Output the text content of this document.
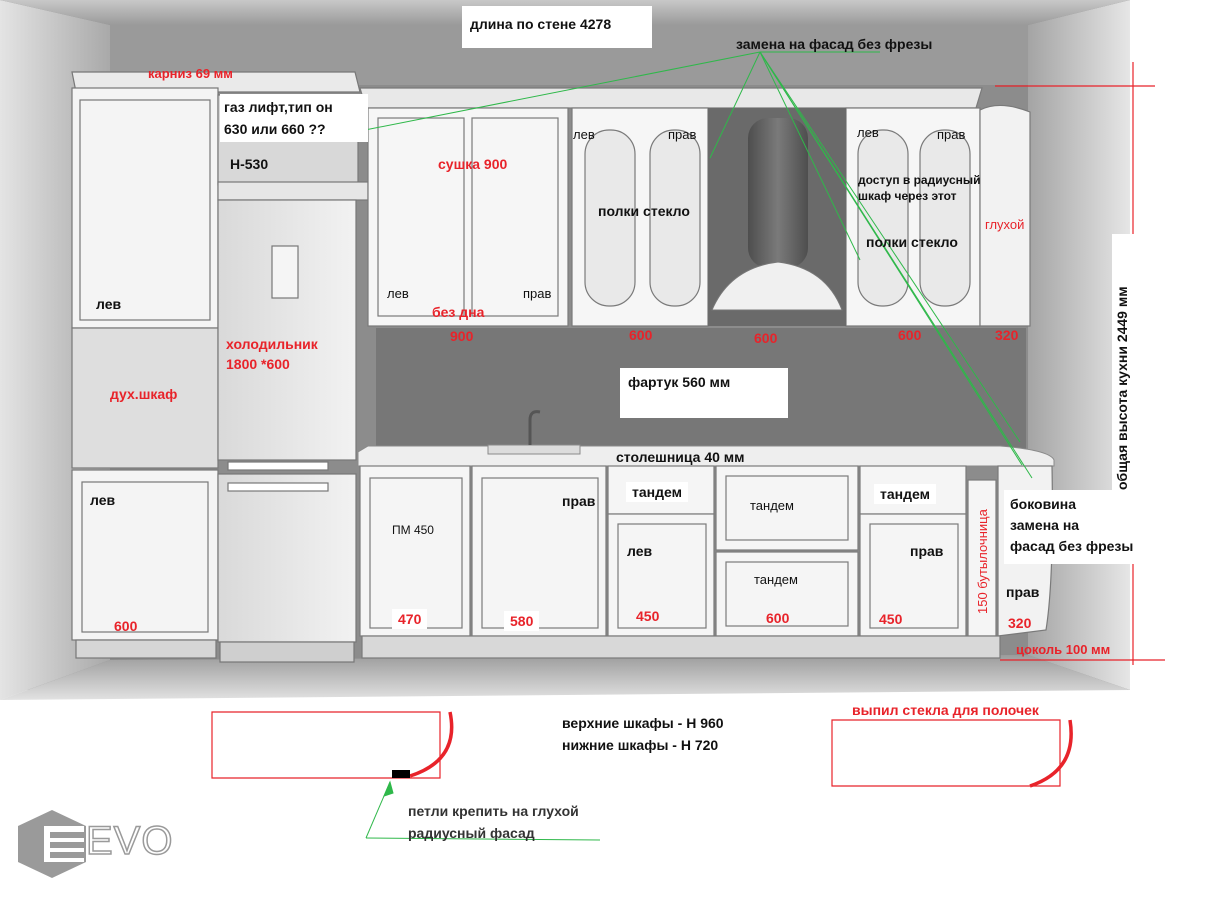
длина по стене 4278
замена на фасад без фрезы
карниз 69 мм
газ лифт,тип он
630 или 660 ??
Н-530	сушка 900
лев	прав
полки стекло
лев	прав
доступ в радиусный
шкаф через этот
глухой
полки стекло
лев	прав
без дна
900	600	600	600	320
лев
холодильник
1800 *600
дух.шкаф
фартук 560 мм
столешница 40 мм	общая высота кухни 2449 мм
лев
ПМ 450
прав
тандем
тандем
тандем
тандем
лев	прав
боковина
замена на
фасад без фрезы
150 бутылочница прав
600	470	580	450	600	450	320
цоколь 100 мм
верхние шкафы - Н 960
нижние шкафы - Н 720
выпил стекла для полочек
петли крепить на глухой
радиусный фасад
EVO
